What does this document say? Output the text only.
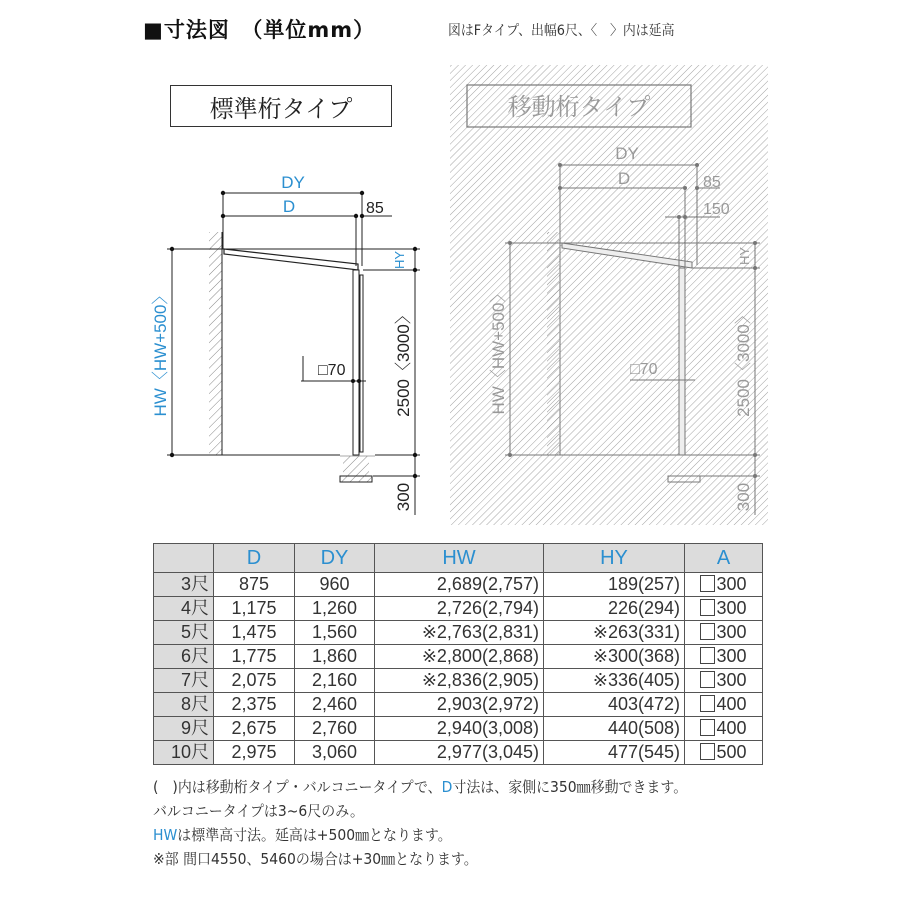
■寸法図　（単位mm）	図はFタイプ、出幅6尺、〈　〉内は延高
標準桁タイプ
DY
D	85
□70
HY
2500〈3000〉
300
HW〈HW+500〉
移動桁タイプ
DY
D	85
150
□70
HY
2500〈3000〉
300
HW〈HW+500〉
	D	DY	HW	HY	A
3尺	875	960	2,689(2,757)	189(257)	300
4尺	1,175	1,260	2,726(2,794)	226(294)	300
5尺	1,475	1,560	※2,763(2,831)	※263(331)	300
6尺	1,775	1,860	※2,800(2,868)	※300(368)	300
7尺	2,075	2,160	※2,836(2,905)	※336(405)	300
8尺	2,375	2,460	2,903(2,972)	403(472)	400
9尺	2,675	2,760	2,940(3,008)	440(508)	400
10尺	2,975	3,060	2,977(3,045)	477(545)	500
(　)内は移動桁タイプ・バルコニータイプで、D寸法は、家側に350㎜移動できます。
バルコニータイプは3~6尺のみ。
HWは標準高寸法。延高は+500㎜となります。
※部 間口4550、5460の場合は+30㎜となります。
